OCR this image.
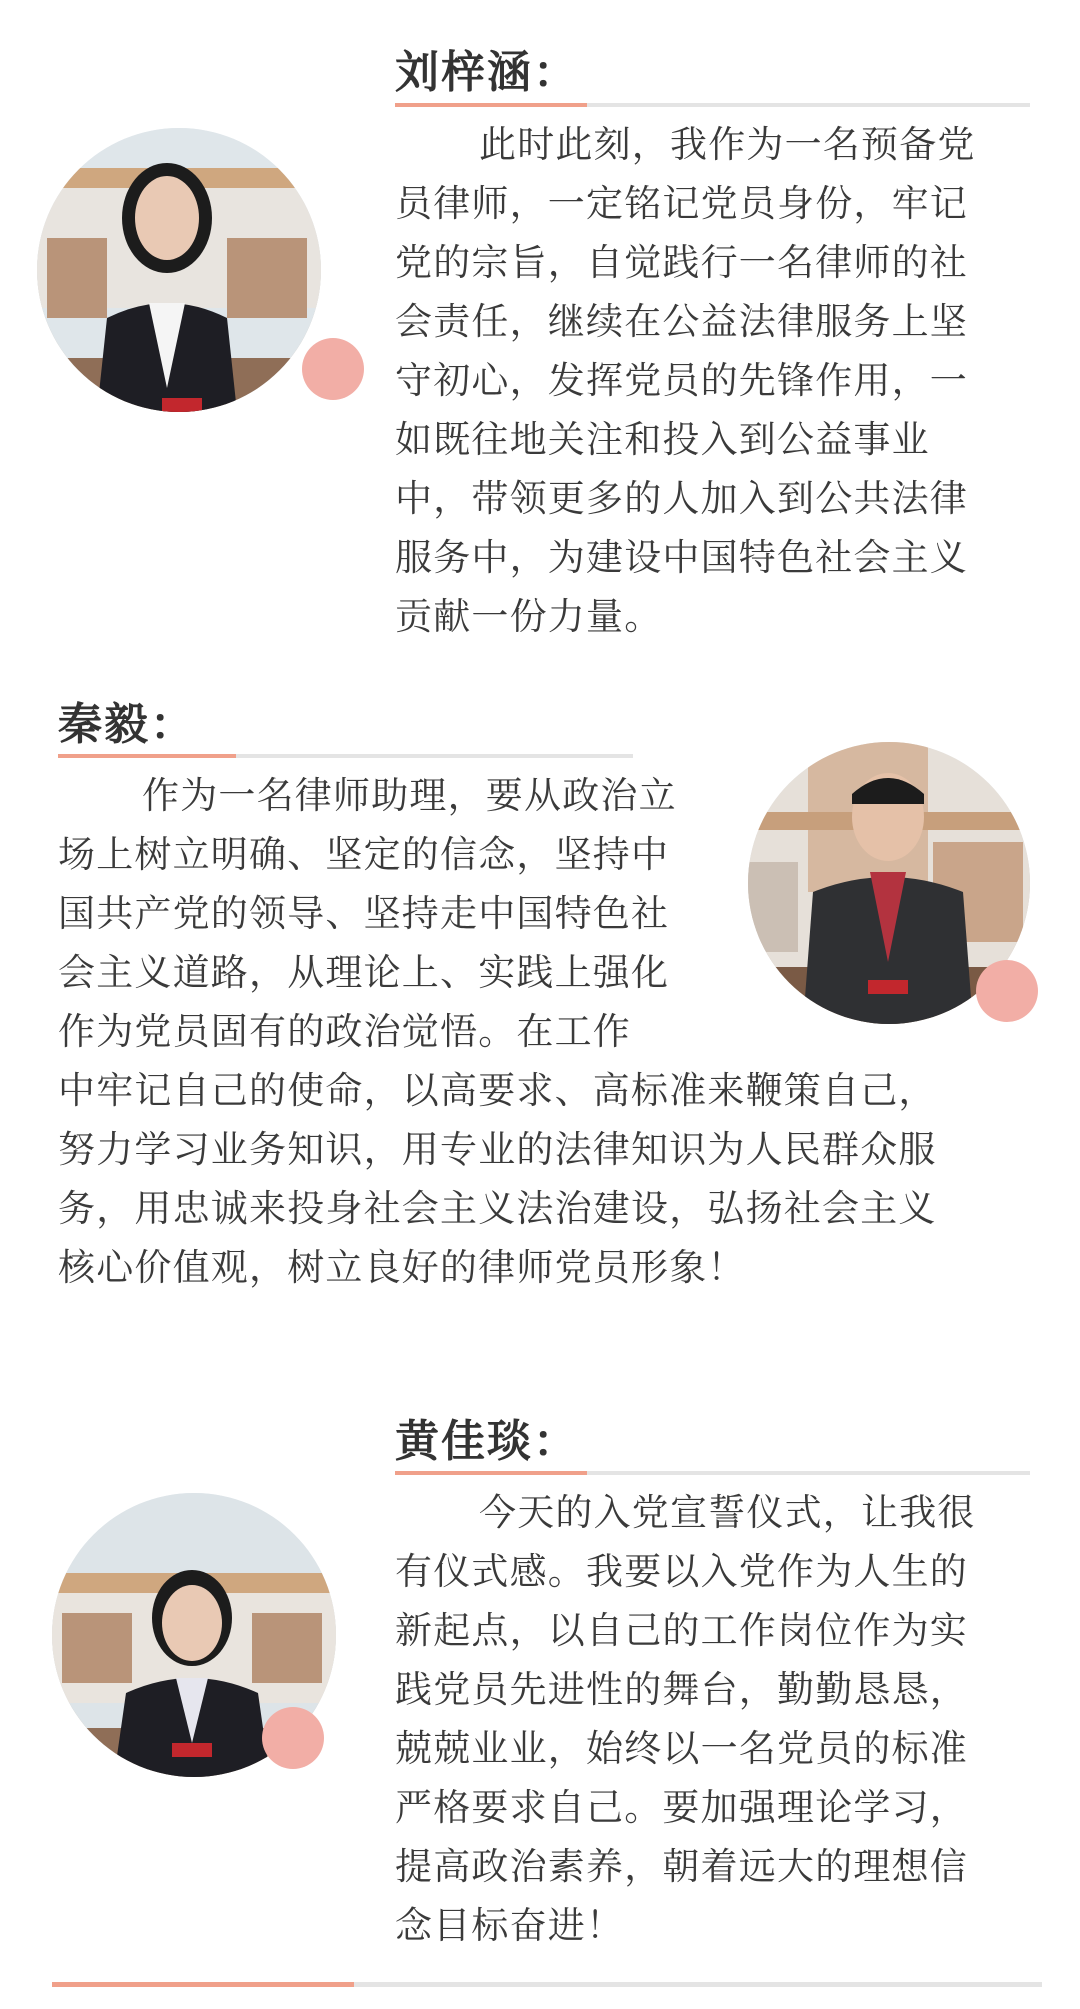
刘梓涵：

此时此刻，我作为一名预备党
员律师，一定铭记党员身份，牢记
党的宗旨，自觉践行一名律师的社
会责任，继续在公益法律服务上坚
守初心，发挥党员的先锋作用，一
如既往地关注和投入到公益事业
中，带领更多的人加入到公共法律
服务中，为建设中国特色社会主义
贡献一份力量。

秦毅：

作为一名律师助理，要从政治立
场上树立明确、坚定的信念，坚持中
国共产党的领导、坚持走中国特色社
会主义道路，从理论上、实践上强化
作为党员固有的政治觉悟。在工作
中牢记自己的使命，以高要求、高标准来鞭策自己，
努力学习业务知识，用专业的法律知识为人民群众服
务，用忠诚来投身社会主义法治建设，弘扬社会主义
核心价值观，树立良好的律师党员形象！

黄佳琰：

今天的入党宣誓仪式，让我很
有仪式感。我要以入党作为人生的
新起点，以自己的工作岗位作为实
践党员先进性的舞台，勤勤恳恳，
兢兢业业，始终以一名党员的标准
严格要求自己。要加强理论学习，
提高政治素养，朝着远大的理想信
念目标奋进！
